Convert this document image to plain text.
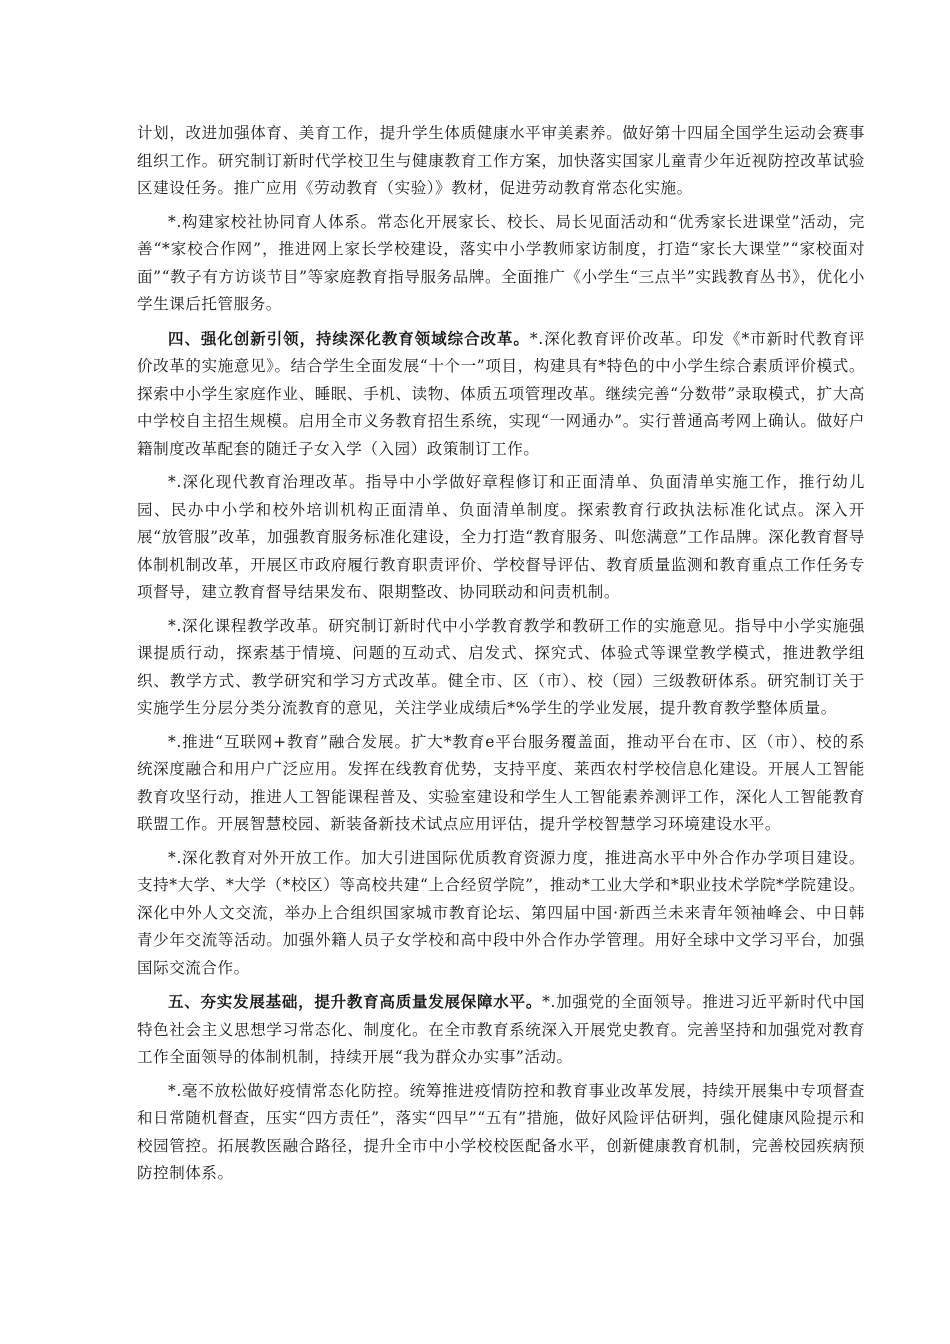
计划，改进加强体育、美育工作，提升学生体质健康水平审美素养。做好第十四届全国学生运动会赛事组织工作。研究制订新时代学校卫生与健康教育工作方案，加快落实国家儿童青少年近视防控改革试验区建设任务。推广应用《劳动教育（实验）》教材，促进劳动教育常态化实施。

*.构建家校社协同育人体系。常态化开展家长、校长、局长见面活动和“优秀家长进课堂”活动，完善“*家校合作网”，推进网上家长学校建设，落实中小学教师家访制度，打造“家长大课堂”“家校面对面”“教子有方访谈节目”等家庭教育指导服务品牌。全面推广《小学生“三点半”实践教育丛书》，优化小学生课后托管服务。

四、强化创新引领，持续深化教育领域综合改革。*.深化教育评价改革。印发《*市新时代教育评价改革的实施意见》。结合学生全面发展“十个一”项目，构建具有*特色的中小学生综合素质评价模式。探索中小学生家庭作业、睡眠、手机、读物、体质五项管理改革。继续完善“分数带”录取模式，扩大高中学校自主招生规模。启用全市义务教育招生系统，实现“一网通办”。实行普通高考网上确认。做好户籍制度改革配套的随迁子女入学（入园）政策制订工作。

*.深化现代教育治理改革。指导中小学做好章程修订和正面清单、负面清单实施工作，推行幼儿园、民办中小学和校外培训机构正面清单、负面清单制度。探索教育行政执法标准化试点。深入开展“放管服”改革，加强教育服务标准化建设，全力打造“教育服务、叫您满意”工作品牌。深化教育督导体制机制改革，开展区市政府履行教育职责评价、学校督导评估、教育质量监测和教育重点工作任务专项督导，建立教育督导结果发布、限期整改、协同联动和问责机制。

*.深化课程教学改革。研究制订新时代中小学教育教学和教研工作的实施意见。指导中小学实施强课提质行动，探索基于情境、问题的互动式、启发式、探究式、体验式等课堂教学模式，推进教学组织、教学方式、教学研究和学习方式改革。健全市、区（市）、校（园）三级教研体系。研究制订关于实施学生分层分类分流教育的意见，关注学业成绩后*%学生的学业发展，提升教育教学整体质量。

*.推进“互联网+教育”融合发展。扩大*教育e平台服务覆盖面，推动平台在市、区（市）、校的系统深度融合和用户广泛应用。发挥在线教育优势，支持平度、莱西农村学校信息化建设。开展人工智能教育攻坚行动，推进人工智能课程普及、实验室建设和学生人工智能素养测评工作，深化人工智能教育联盟工作。开展智慧校园、新装备新技术试点应用评估，提升学校智慧学习环境建设水平。

*.深化教育对外开放工作。加大引进国际优质教育资源力度，推进高水平中外合作办学项目建设。支持*大学、*大学（*校区）等高校共建“上合经贸学院”，推动*工业大学和*职业技术学院*学院建设。深化中外人文交流，举办上合组织国家城市教育论坛、第四届中国·新西兰未来青年领袖峰会、中日韩青少年交流等活动。加强外籍人员子女学校和高中段中外合作办学管理。用好全球中文学习平台，加强国际交流合作。

五、夯实发展基础，提升教育高质量发展保障水平。*.加强党的全面领导。推进习近平新时代中国特色社会主义思想学习常态化、制度化。在全市教育系统深入开展党史教育。完善坚持和加强党对教育工作全面领导的体制机制，持续开展“我为群众办实事”活动。

*.毫不放松做好疫情常态化防控。统筹推进疫情防控和教育事业改革发展，持续开展集中专项督查和日常随机督查，压实“四方责任”，落实“四早”“五有”措施，做好风险评估研判，强化健康风险提示和校园管控。拓展教医融合路径，提升全市中小学校校医配备水平，创新健康教育机制，完善校园疾病预防控制体系。
